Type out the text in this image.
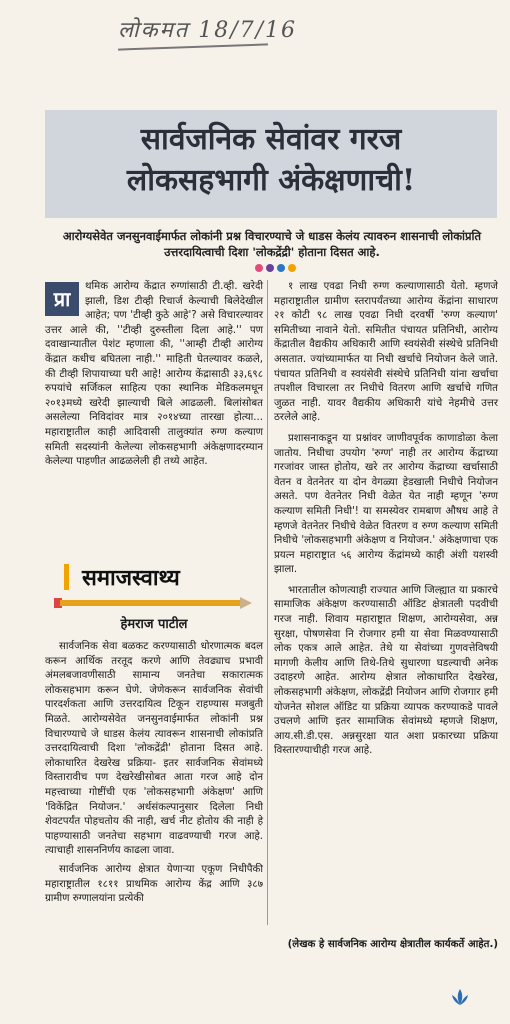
लोकमत 18/7/16
सार्वजनिक सेवांवर गरज
लोकसहभागी अंकेक्षणाची!
आरोग्यसेवेत जनसुनवाईमार्फत लोकांनी प्रश्न विचारण्याचे जे धाडस केलंय त्यावरुन शासनाची लोकांप्रति उत्तरदायित्वाची दिशा 'लोकद्रेंद्री' होताना दिसत आहे.
प्रा

थमिक आरोग्य केंद्रात रुग्णांसाठी टी.व्ही. खरेदी झाली, डिश टीव्ही रिचार्ज केल्याची बिलेदेखील आहेत; पण 'टीव्ही कुठे आहे'? असे विचारल्यावर उत्तर आले की, ''टीव्ही दुरुस्तीला दिला आहे.'' पण दवाखान्यातील पेशंट म्हणाला की, ''आम्ही टीव्ही आरोग्य केंद्रात कधीच बघितला नाही.'' माहिती घेतल्यावर कळले, की टीव्ही शिपायाच्या घरी आहे! आरोग्य केंद्रासाठी ३३,६९८ रुपयांचे सर्जिकल साहित्य एका स्थानिक मेडिकलमधून २०१३मध्ये खरेदी झाल्याची बिले आढळली. बिलांसोबत असलेल्या निविदांवर मात्र २०१४च्या तारखा होत्या... महाराष्ट्रातील काही आदिवासी तालुक्यांत रुग्ण कल्याण समिती सदस्यांनी केलेल्या लोकसहभागी अंकेक्षणादरम्यान केलेल्या पाहणीत आढळलेली ही तथ्ये आहेत.

समाजस्वाथ्य
हेमराज पाटील

सार्वजनिक सेवा बळकट करण्यासाठी धोरणात्मक बदल करून आर्थिक तरतूद करणे आणि तेवढ्याच प्रभावी अंमलबजावणीसाठी सामान्य जनतेचा सकारात्मक लोकसहभाग करून घेणे. जेणेकरून सार्वजनिक सेवांची पारदर्शकता आणि उत्तरदायित्व टिकून राहण्यास मजबुती मिळते. आरोग्यसेवेत जनसुनवाईमार्फत लोकांनी प्रश्न विचारण्याचे जे धाडस केलंय त्यावरून शासनाची लोकांप्रति उत्तरदायित्वाची दिशा 'लोकद्रेंद्री' होताना दिसत आहे. लोकाधारित देखरेख प्रक्रिया- इतर सार्वजनिक सेवांमध्ये विस्तारावीच पण देखरेखीसोबत आता गरज आहे दोन महत्त्वाच्या गोष्टींची एक 'लोकसहभागी अंकेक्षण' आणि 'विकेंद्रित नियोजन.' अर्थसंकल्पानुसार दिलेला निधी शेवटपर्यंत पोहचतोय की नाही, खर्च नीट होतोय की नाही हे पाहण्यासाठी जनतेचा सहभाग वाढवण्याची गरज आहे. त्याचाही शासननिर्णय काढला जावा.

सार्वजनिक आरोग्य क्षेत्रात येणाऱ्या एकूण निधीपैकी महाराष्ट्रातील १८११ प्राथमिक आरोग्य केंद्र आणि ३८७ ग्रामीण रुग्णालयांना प्रत्येकी

१ लाख एवढा निधी रुग्ण कल्याणासाठी येतो. म्हणजे महाराष्ट्रातील ग्रामीण स्तरापर्यंतच्या आरोग्य केंद्रांना साधारण २१ कोटी ९८ लाख एवढा निधी दरवर्षी 'रुग्ण कल्याण' समितीच्या नावाने येतो. समितीत पंचायत प्रतिनिधी, आरोग्य केंद्रातील वैद्यकीय अधिकारी आणि स्वयंसेवी संस्थेचे प्रतिनिधी असतात. ज्यांच्यामार्फत या निधी खर्चाचे नियोजन केले जाते. पंचायत प्रतिनिधी व स्वयंसेवी संस्थेचे प्रतिनिधी यांना खर्चाचा तपशील विचारला तर निधीचे वितरण आणि खर्चाचे गणित जुळत नाही. यावर वैद्यकीय अधिकारी यांचे नेहमीचे उत्तर ठरलेले आहे.

प्रशासनाकडून या प्रश्नांवर जाणीवपूर्वक काणाडोळा केला जातोय. निधीचा उपयोग 'रुग्ण' नाही तर आरोग्य केंद्राच्या गरजांवर जास्त होतोय, खरे तर आरोग्य केंद्राच्या खर्चासाठी वेतन व वेतनेतर या दोन वेगळ्या हेडखाली निधीचे नियोजन असते. पण वेतनेतर निधी वेळेत येत नाही म्हणून 'रुग्ण कल्याण समिती निधी'! या समस्येवर रामबाण औषध आहे ते म्हणजे वेतनेतर निधीचे वेळेत वितरण व रुग्ण कल्याण समिती निधीचे 'लोकसहभागी अंकेक्षण व नियोजन.' अंकेक्षणाचा एक प्रयत्न महाराष्ट्रात ५६ आरोग्य केंद्रांमध्ये काही अंशी यशस्वी झाला.

भारतातील कोणत्याही राज्यात आणि जिल्ह्यात या प्रकारचे सामाजिक अंकेक्षण करण्यासाठी ऑडिट क्षेत्रातली पदवीची गरज नाही. शिवाय महाराष्ट्रात शिक्षण, आरोग्यसेवा, अन्न सुरक्षा, पोषणसेवा नि रोजगार हमी या सेवा मिळवण्यासाठी लोक एकत्र आले आहेत. तेथे या सेवांच्या गुणवत्तेविषयी मागणी केलीय आणि तिथे-तिथे सुधारणा घडल्याची अनेक उदाहरणे आहेत. आरोग्य क्षेत्रात लोकाधारित देखरेख, लोकसहभागी अंकेक्षण, लोकद्रेंद्री नियोजन आणि रोजगार हमी योजनेत सोशल ऑडिट या प्रक्रिया व्यापक करण्याकडे पावले उचलणे आणि इतर सामाजिक सेवांमध्ये म्हणजे शिक्षण, आय.सी.डी.एस. अन्नसुरक्षा यात अशा प्रकारच्या प्रक्रिया विस्तारण्याचीही गरज आहे.

(लेखक हे सार्वजनिक आरोग्य क्षेत्रातील कार्यकर्ते आहेत.)
